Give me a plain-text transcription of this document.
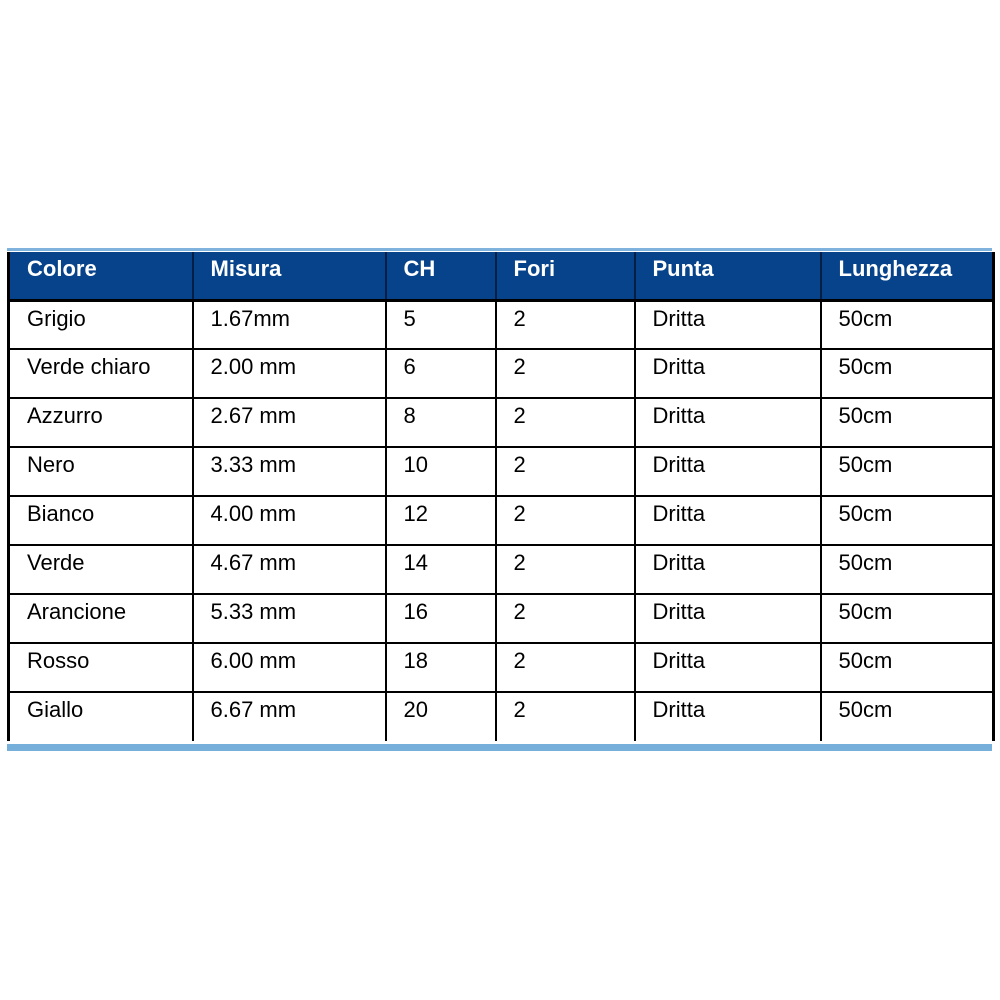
Colore	Misura	CH	Fori	Punta	Lunghezza
Grigio	1.67mm	5	2	Dritta	50cm
Verde chiaro	2.00 mm	6	2	Dritta	50cm
Azzurro	2.67 mm	8	2	Dritta	50cm
Nero	3.33 mm	10	2	Dritta	50cm
Bianco	4.00 mm	12	2	Dritta	50cm
Verde	4.67 mm	14	2	Dritta	50cm
Arancione	5.33 mm	16	2	Dritta	50cm
Rosso	6.00 mm	18	2	Dritta	50cm
Giallo	6.67 mm	20	2	Dritta	50cm
